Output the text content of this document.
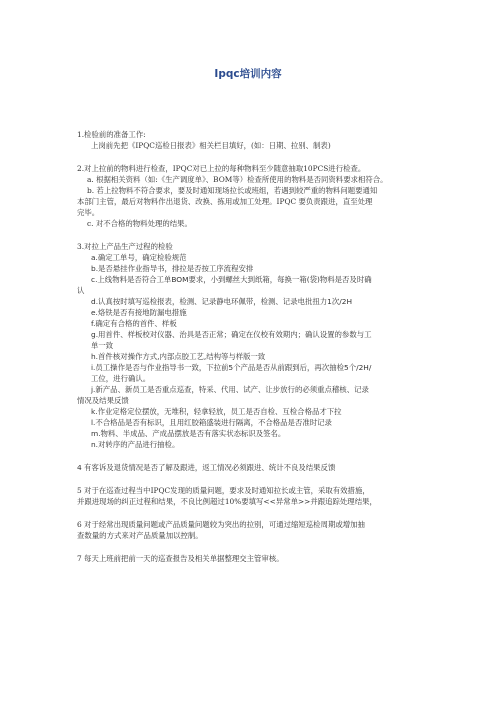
Ipqc培训内容
1.检验前的准备工作:
上岗前先把《IPQC巡检日报表》相关栏目填好，(如：日期、拉别、制表)
2.对上拉前的物料进行检查，IPQC对已上拉的每种物料至少随意抽取10PCS进行检查。
a. 根据相关资料（如:《生产调度单》、BOM等）检查所使用的物料是否同资料要求相符合。
b. 若上拉物料不符合要求，要及时通知现场拉长或班组，若遇到较严重的物料问题要通知
本部门主管，最后对物料作出退货、改换、拣用或加工处理。IPQC 要负责跟进，直至处理
完毕。
c. 对不合格的物料处理的结果。
3.对拉上产品生产过程的检验
a.确定工单号，确定检验规范
b.是否悬挂作业指导书，排拉是否按工序流程安排
c.上线物料是否符合工单BOM要求，小到螺丝大到纸箱，每换一箱(袋)物料是否及时确
认
d.认真按时填写巡检报表，检测、记录静电环佩带，检测、记录电批扭力1次/2H
e.烙铁是否有接地防漏电措施
f.确定有合格的首件、样板
g.用首件、样板校对仪器、治具是否正常；确定在仪校有效期内；确认设置的参数与工
单一致
h.首件核对操作方式,内部点胶工艺,结构等与样版一致
i.员工操作是否与作业指导书一致，下拉前5个产品是否从前跟到后，再次抽检5个/2H/
工位，进行确认。
j.新产品、新员工是否重点巡查，特采、代用、试产、让步放行的必须重点稽核、记录
情况及结果反馈
k.作业定格定位摆放，无堆积，轻拿轻放，员工是否自检、互检合格品才下拉
l.不合格品是否有标识，且用红胶箱盛装进行隔离，不合格品是否准时记录
m.物料、半成品、产成品摆放是否有落实状态标识及签名。
n.对转序的产品进行抽检。
4 有客诉及退货情况是否了解及跟进，返工情况必须跟进、统计不良及结果反馈
5 对于在巡查过程当中IPQC发现的质量问题，要求及时通知拉长或主管，采取有效措施，
并跟进现场的纠正过程和结果，不良比例超过10%要填写<<异常单>>并跟追踪处理结果，
6 对于经常出现质量问题或产品质量问题较为突出的拉别，可通过缩短巡检周期或增加抽
查数量的方式来对产品质量加以控制。
7 每天上班前把前一天的巡查报告及相关单据整理交主管审核。
